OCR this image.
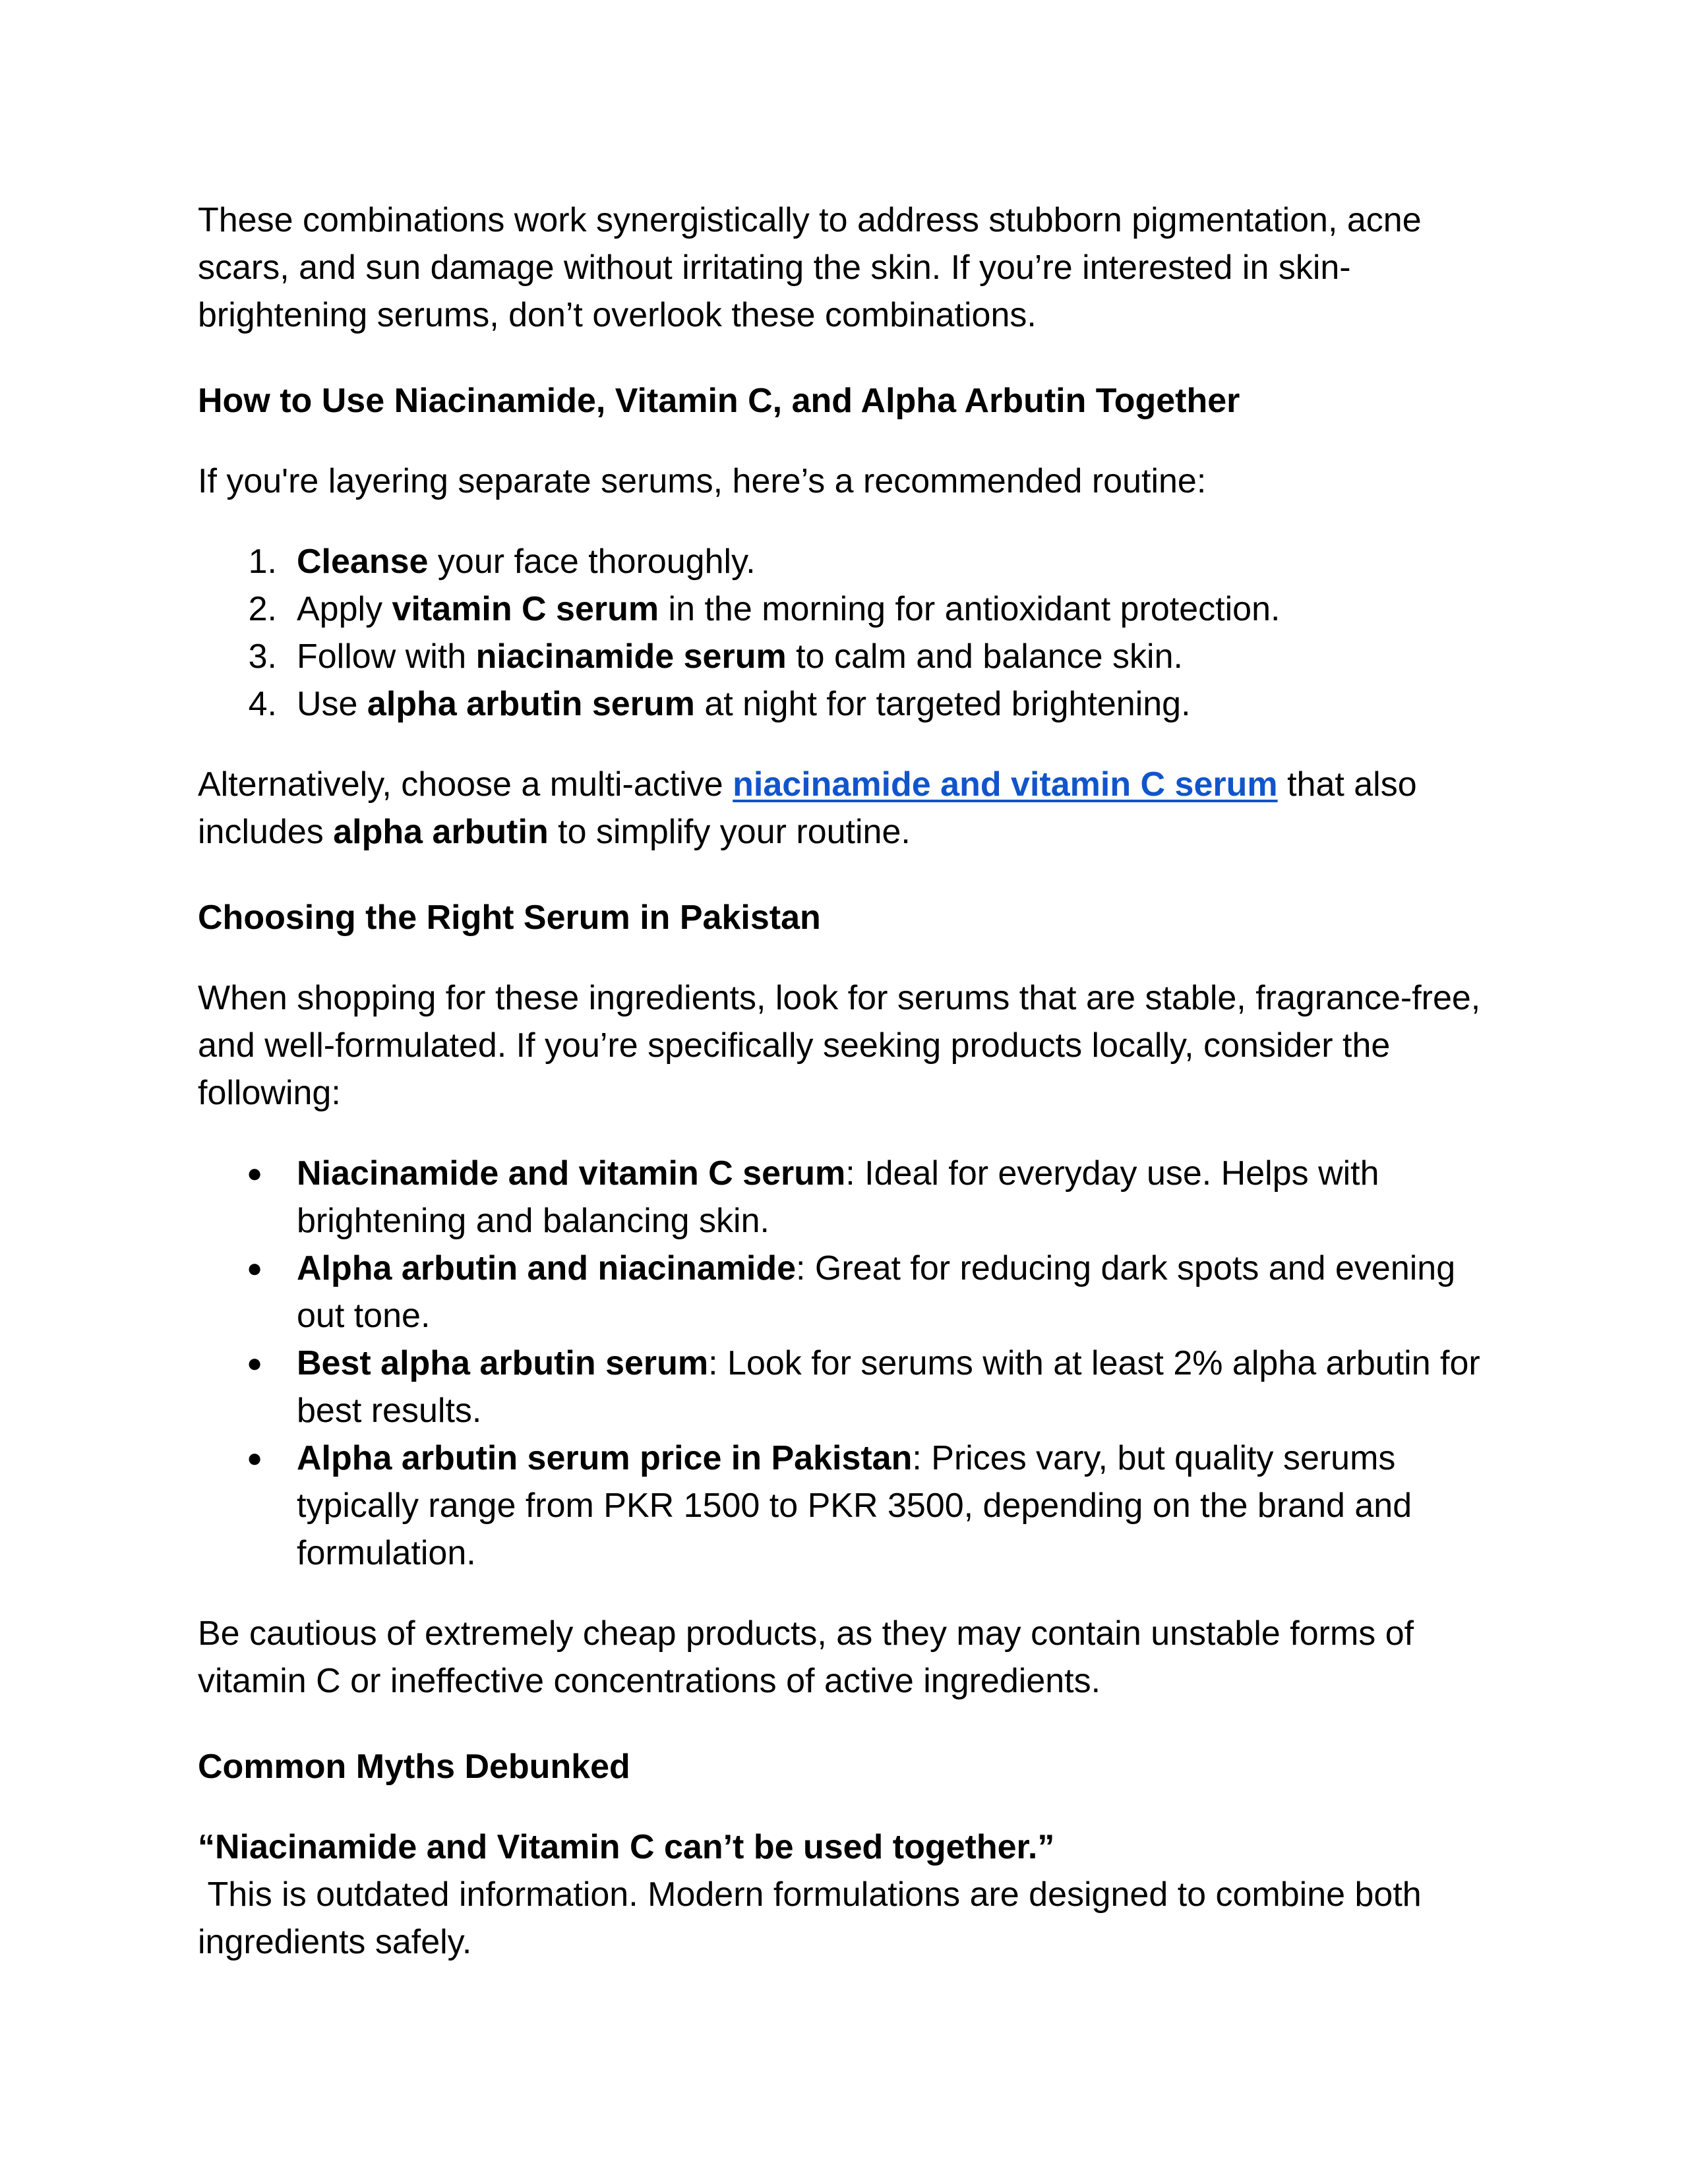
These combinations work synergistically to address stubborn pigmentation, acne scars, and sun damage without irritating the skin. If you’re interested in skin-brightening serums, don’t overlook these combinations.

How to Use Niacinamide, Vitamin C, and Alpha Arbutin Together

If you're layering separate serums, here’s a recommended routine:

1. Cleanse your face thoroughly.
2. Apply vitamin C serum in the morning for antioxidant protection.
3. Follow with niacinamide serum to calm and balance skin.
4. Use alpha arbutin serum at night for targeted brightening.

Alternatively, choose a multi-active niacinamide and vitamin C serum that also includes alpha arbutin to simplify your routine.

Choosing the Right Serum in Pakistan

When shopping for these ingredients, look for serums that are stable, fragrance-free, and well-formulated. If you’re specifically seeking products locally, consider the following:

● Niacinamide and vitamin C serum: Ideal for everyday use. Helps with brightening and balancing skin.
● Alpha arbutin and niacinamide: Great for reducing dark spots and evening out tone.
● Best alpha arbutin serum: Look for serums with at least 2% alpha arbutin for best results.
● Alpha arbutin serum price in Pakistan: Prices vary, but quality serums typically range from PKR 1500 to PKR 3500, depending on the brand and formulation.

Be cautious of extremely cheap products, as they may contain unstable forms of vitamin C or ineffective concentrations of active ingredients.

Common Myths Debunked

“Niacinamide and Vitamin C can’t be used together.”

This is outdated information. Modern formulations are designed to combine both ingredients safely.
